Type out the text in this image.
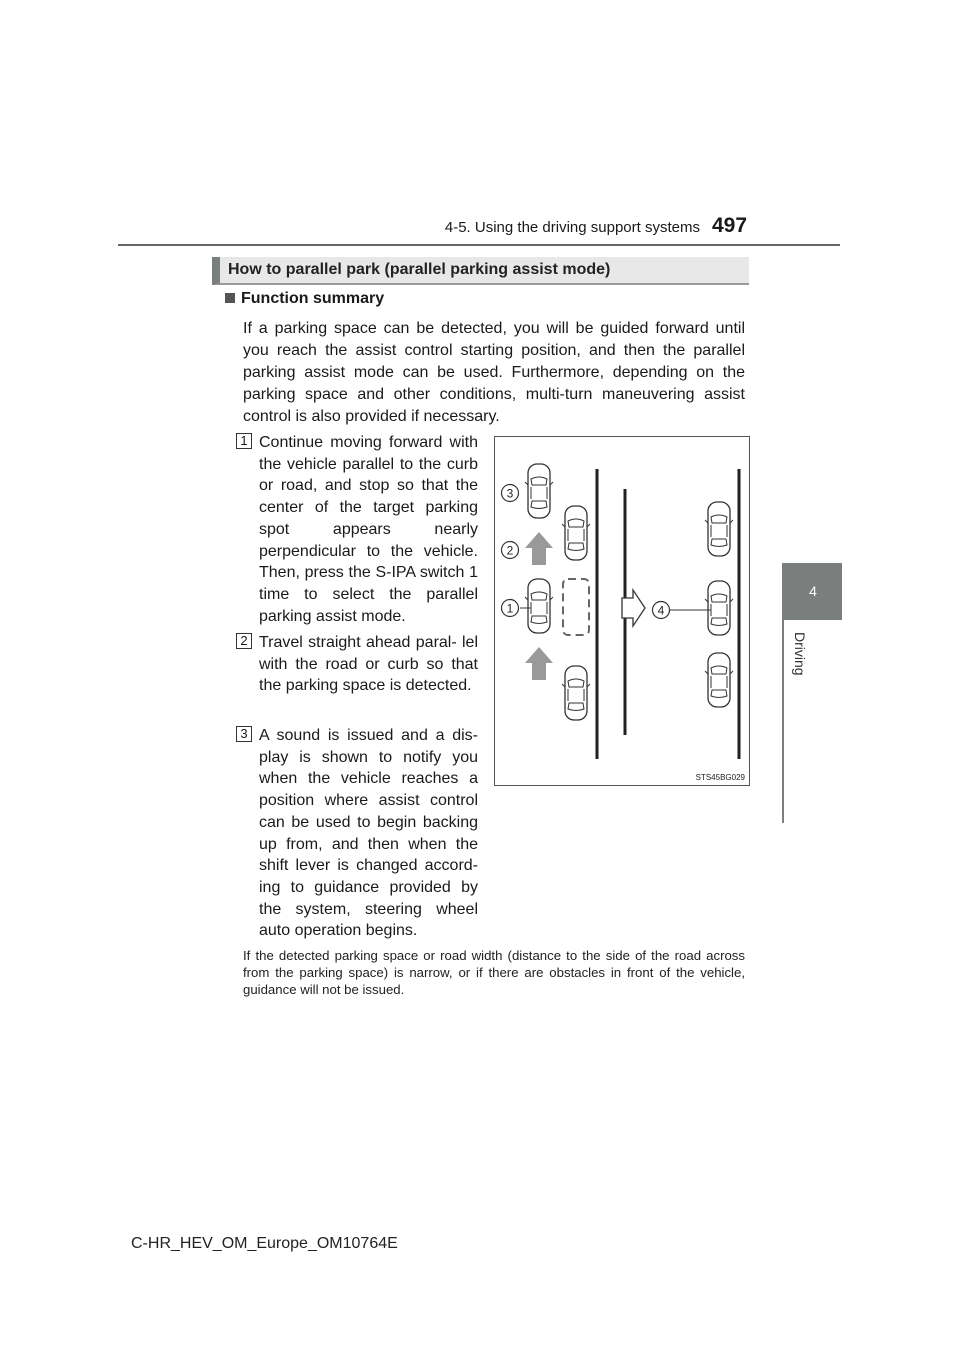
4-5. Using the driving support systems 497
4
Driving
How to parallel park (parallel parking assist mode)
Function summary
If a parking space can be detected, you will be guided forward until you reach the assist control starting position, and then the parallel parking assist mode can be used. Furthermore, depending on the parking space and other conditions, multi-turn maneuvering assist control is also provided if necessary.
1 Continue moving forward with the vehicle parallel to the curb or road, and stop so that the center of the target parking spot appears nearly perpendicular to the vehicle. Then, press the S-IPA switch 1 time to select the parallel parking assist mode.
2 Travel straight ahead paral- lel with the road or curb so that the parking space is detected.
3 A sound is issued and a dis- play is shown to notify you when the vehicle reaches a position where assist control can be used to begin backing up from, and then when the shift lever is changed accord- ing to guidance provided by the system, steering wheel auto operation begins.
3
2
1	4
STS45BG029
If the detected parking space or road width (distance to the side of the road across from the parking space) is narrow, or if there are obstacles in front of the vehicle, guidance will not be issued.
C-HR_HEV_OM_Europe_OM10764E
